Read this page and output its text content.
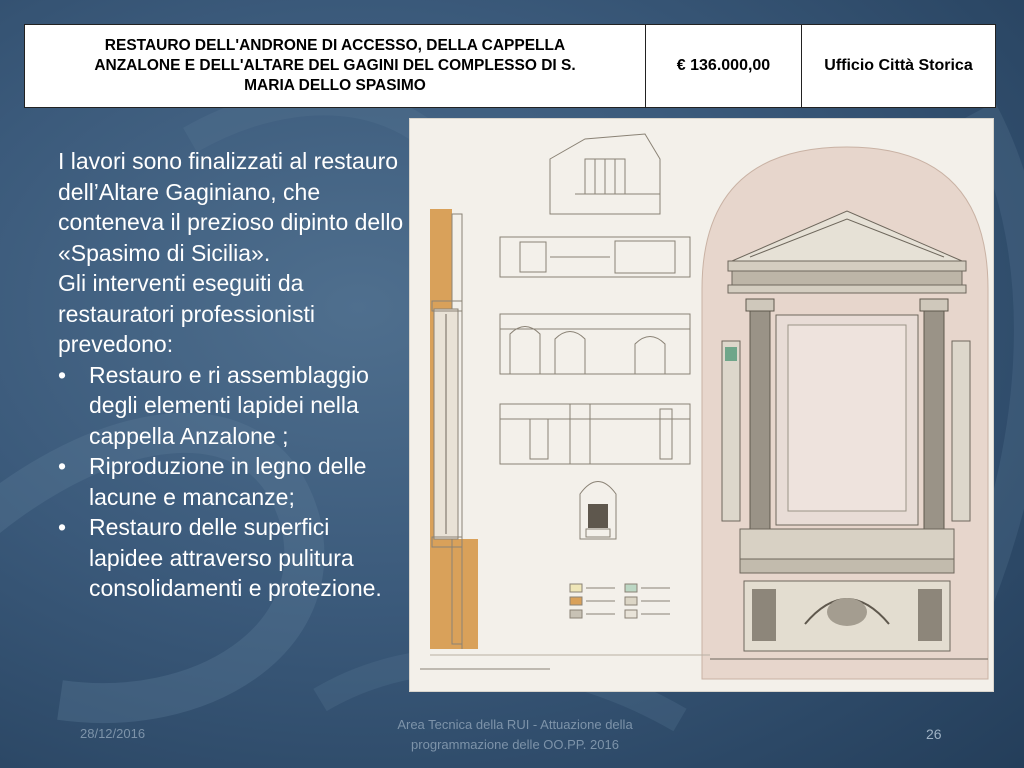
RESTAURO DELL'ANDRONE DI ACCESSO, DELLA CAPPELLA
ANZALONE E DELL'ALTARE DEL GAGINI DEL COMPLESSO DI S.
MARIA DELLO SPASIMO
€ 136.000,00	Ufficio Città Storica

I lavori sono finalizzati al restauro dell’Altare Gaginiano, che conteneva il prezioso dipinto dello «Spasimo di Sicilia».

Gli interventi eseguiti da restauratori professionisti prevedono:

• Restauro e ri assemblaggio degli elementi lapidei nella cappella Anzalone ;
• Riproduzione in legno delle lacune e mancanze;
• Restauro delle superfici lapidee attraverso pulitura consolidamenti e protezione.
28/12/2016
Area Tecnica della RUI - Attuazione della
programmazione delle OO.PP. 2016
26
